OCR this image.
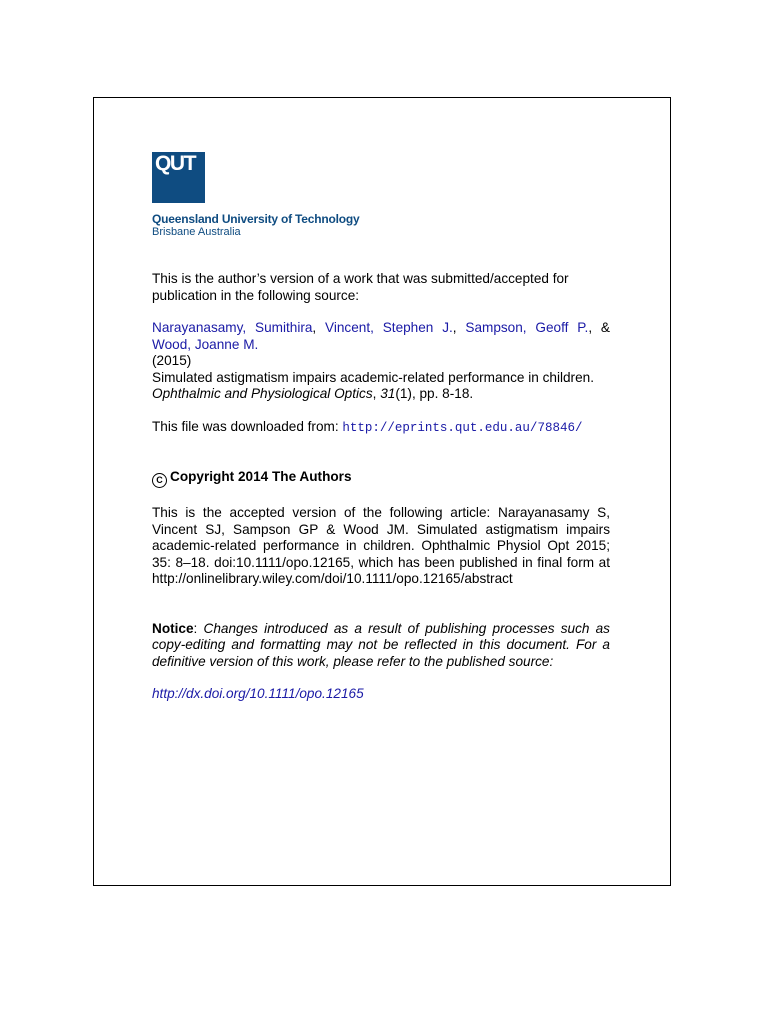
QUT
Queensland University of Technology
Brisbane Australia

This is the author’s version of a work that was submitted/accepted for publication in the following source:

Narayanasamy, Sumithira, Vincent, Stephen J., Sampson, Geoff P., & Wood, Joanne M.

(2015)

Simulated astigmatism impairs academic-related performance in children.

Ophthalmic and Physiological Optics, 31(1), pp. 8-18.

This file was downloaded from: http://eprints.qut.edu.au/78846/

C Copyright 2014 The Authors

This is the accepted version of the following article: Narayanasamy S, Vincent SJ, Sampson GP & Wood JM. Simulated astigmatism impairs academic-related performance in children. Ophthalmic Physiol Opt 2015; 35: 8–18. doi:10.1111/opo.12165, which has been published in final form at http://onlinelibrary.wiley.com/doi/10.1111/opo.12165/abstract

Notice: Changes introduced as a result of publishing processes such as copy-editing and formatting may not be reflected in this document. For a definitive version of this work, please refer to the published source:

http://dx.doi.org/10.1111/opo.12165
